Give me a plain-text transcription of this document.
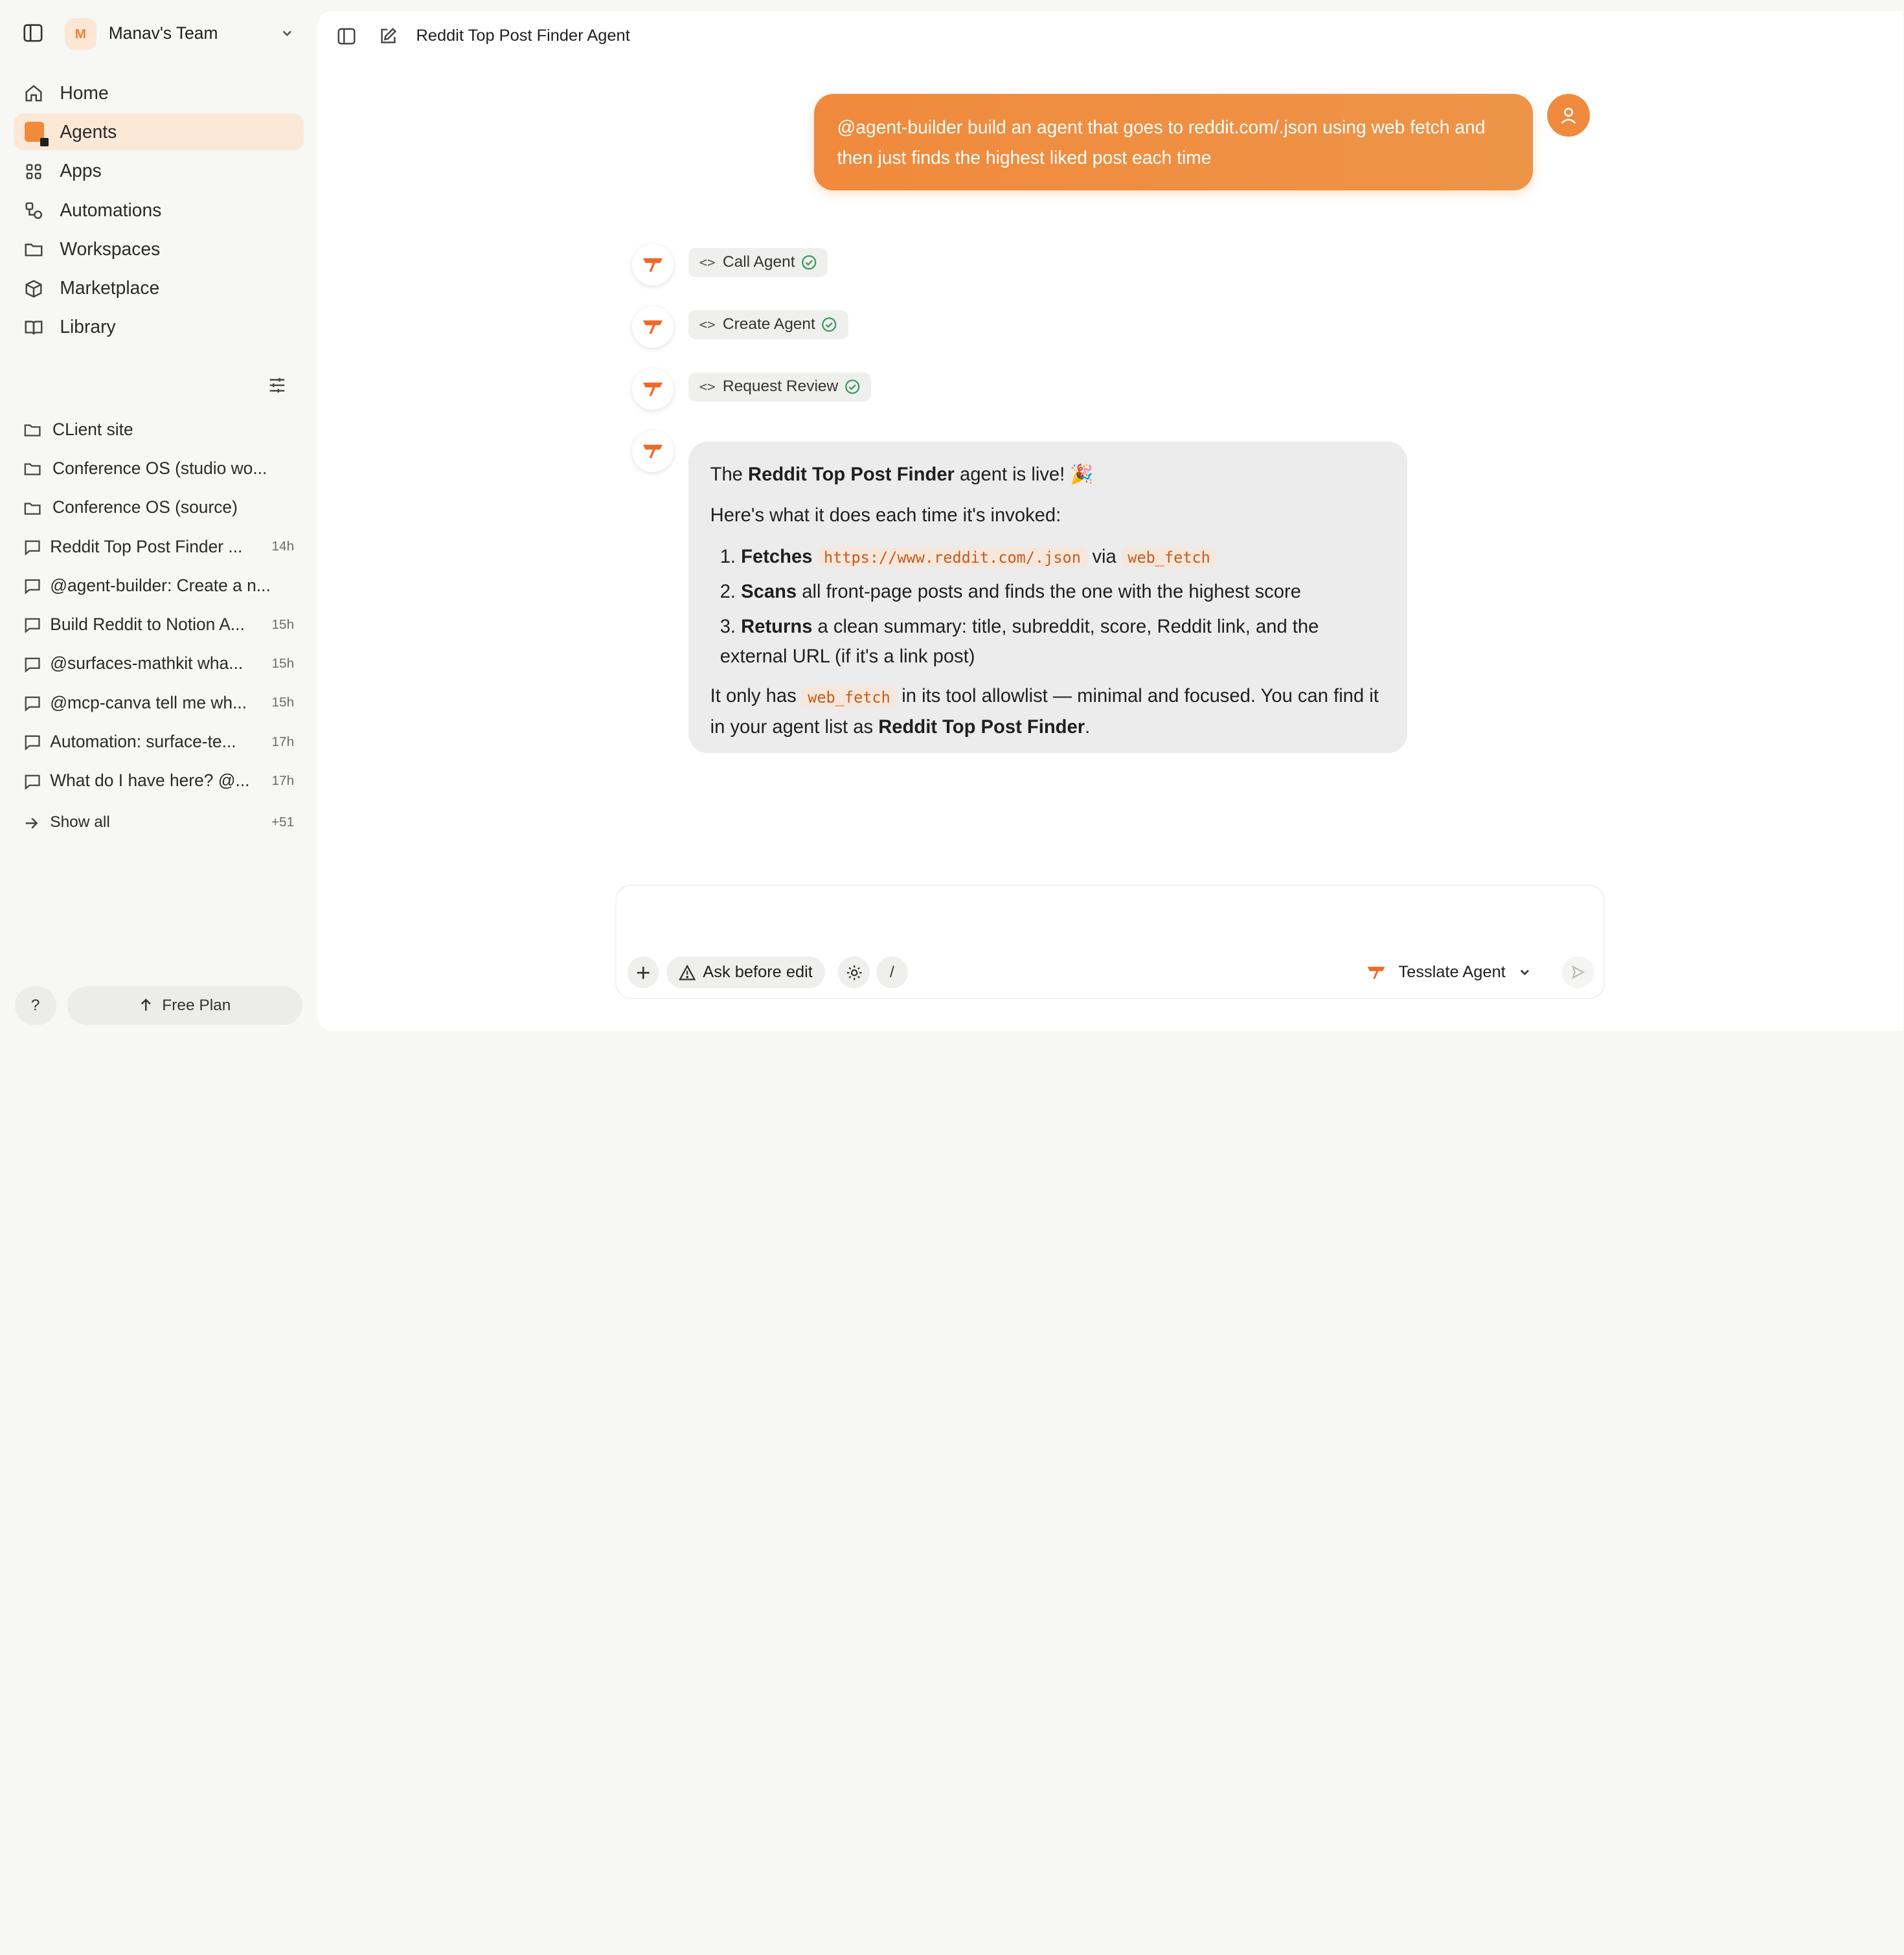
M	Manav's Team
Home
Agents
Apps
Automations
Workspaces
Marketplace
Library
CLient site
Conference OS (studio wo...
Conference OS (source)
Reddit Top Post Finder ...	14h
@agent-builder: Create a n...
Build Reddit to Notion A...	15h
@surfaces-mathkit wha...	15h
@mcp-canva tell me wh...	15h
Automation: surface-te...	17h
What do I have here? @...	17h
Show all	+51
?	Free Plan
Reddit Top Post Finder Agent
@agent-builder build an agent that goes to reddit.com/.json using web fetch and then just finds the highest liked post each time
<> Call Agent
<> Create Agent
<> Request Review

The Reddit Top Post Finder agent is live! 🎉

Here's what it does each time it's invoked:

1. Fetches https://www.reddit.com/.json via web_fetch
2. Scans all front-page posts and finds the one with the highest score
3. Returns a clean summary: title, subreddit, score, Reddit link, and the external URL (if it's a link post)

It only has web_fetch in its tool allowlist — minimal and focused. You can find it in your agent list as Reddit Top Post Finder.

Ask before edit	/	Tesslate Agent
